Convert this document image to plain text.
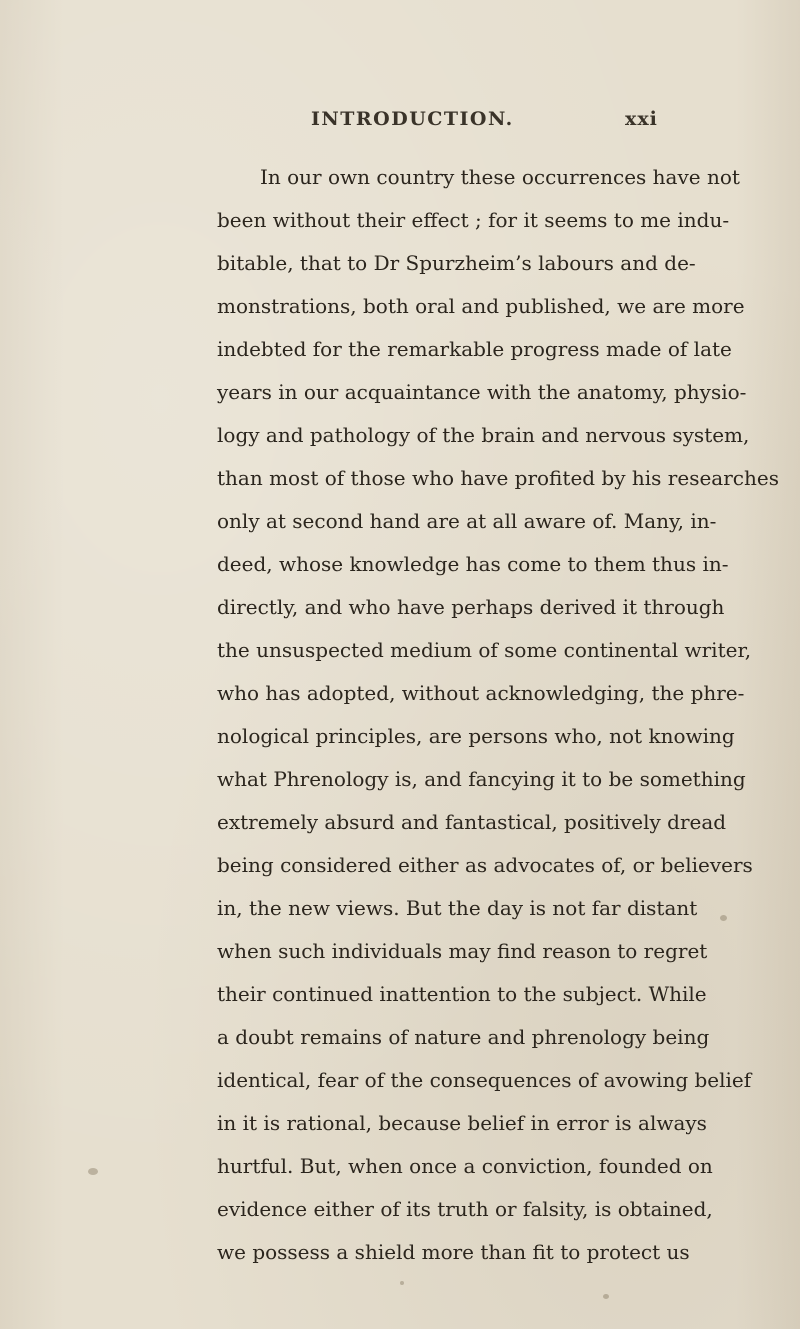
INTRODUCTION.	xxi
In our own country these occurrences have not
been without their effect ; for it seems to me indu-
bitable, that to Dr Spurzheim’s labours and de-
monstrations, both oral and published, we are more
indebted for the remarkable progress made of late
years in our acquaintance with the anatomy, physio-
logy and pathology of the brain and nervous system,
than most of those who have profited by his researches
only at second hand are at all aware of. Many, in-
deed, whose knowledge has come to them thus in-
directly, and who have perhaps derived it through
the unsuspected medium of some continental writer,
who has adopted, without acknowledging, the phre-
nological principles, are persons who, not knowing
what Phrenology is, and fancying it to be something
extremely absurd and fantastical, positively dread
being considered either as advocates of, or believers
in, the new views. But the day is not far distant
when such individuals may find reason to regret
their continued inattention to the subject. While
a doubt remains of nature and phrenology being
identical, fear of the consequences of avowing belief
in it is rational, because belief in error is always
hurtful. But, when once a conviction, founded on
evidence either of its truth or falsity, is obtained,
we possess a shield more than fit to protect us
